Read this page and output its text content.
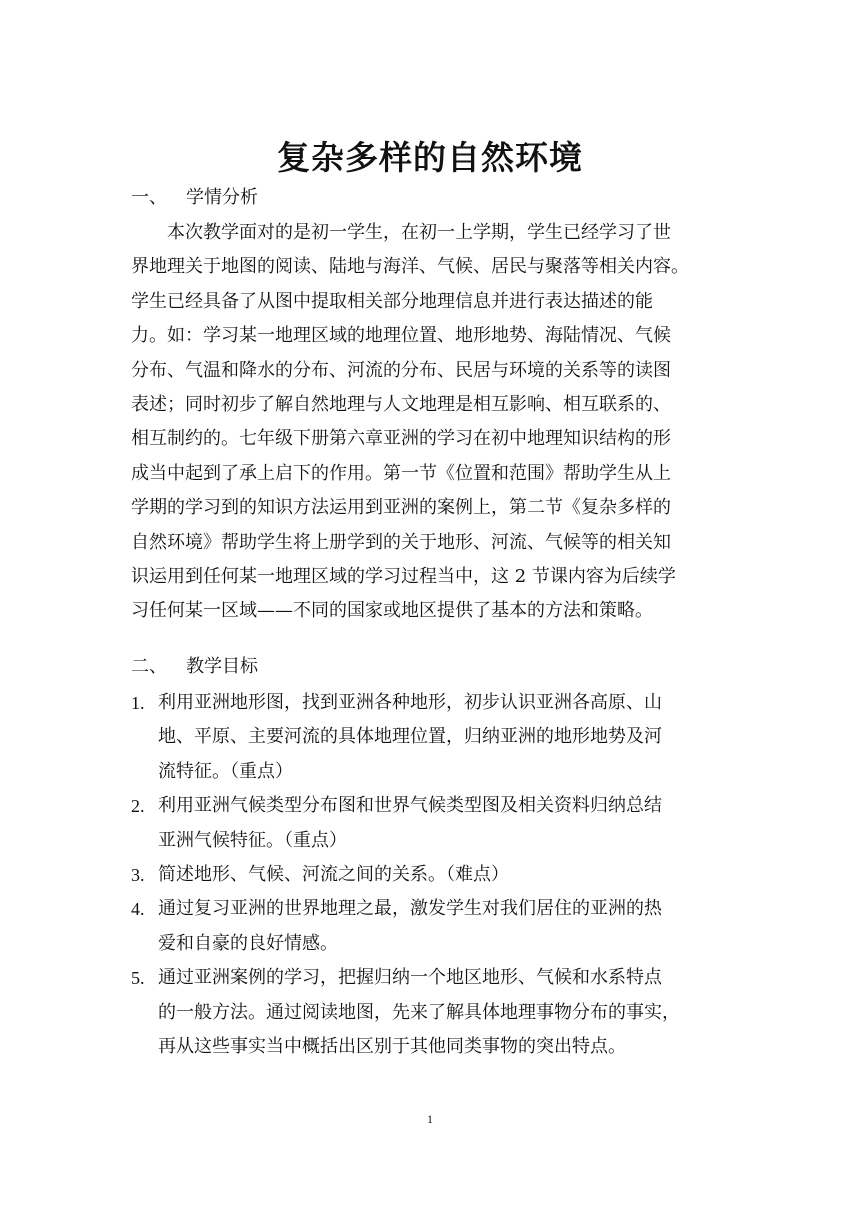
复杂多样的自然环境
一、 学情分析
本次教学面对的是初一学生，在初一上学期，学生已经学习了世
界地理关于地图的阅读、陆地与海洋、气候、居民与聚落等相关内容。
学生已经具备了从图中提取相关部分地理信息并进行表达描述的能
力。如：学习某一地理区域的地理位置、地形地势、海陆情况、气候
分布、气温和降水的分布、河流的分布、民居与环境的关系等的读图
表述；同时初步了解自然地理与人文地理是相互影响、相互联系的、
相互制约的。七年级下册第六章亚洲的学习在初中地理知识结构的形
成当中起到了承上启下的作用。第一节《位置和范围》帮助学生从上
学期的学习到的知识方法运用到亚洲的案例上，第二节《复杂多样的
自然环境》帮助学生将上册学到的关于地形、河流、气候等的相关知
识运用到任何某一地理区域的学习过程当中，这 2 节课内容为后续学
习任何某一区域——不同的国家或地区提供了基本的方法和策略。
二、 教学目标
1. 利用亚洲地形图，找到亚洲各种地形，初步认识亚洲各高原、山
地、平原、主要河流的具体地理位置，归纳亚洲的地形地势及河
流特征。（重点）
2. 利用亚洲气候类型分布图和世界气候类型图及相关资料归纳总结
亚洲气候特征。（重点）
3. 简述地形、气候、河流之间的关系。（难点）
4. 通过复习亚洲的世界地理之最，激发学生对我们居住的亚洲的热
爱和自豪的良好情感。
5. 通过亚洲案例的学习，把握归纳一个地区地形、气候和水系特点
的一般方法。通过阅读地图，先来了解具体地理事物分布的事实，
再从这些事实当中概括出区别于其他同类事物的突出特点。
1
